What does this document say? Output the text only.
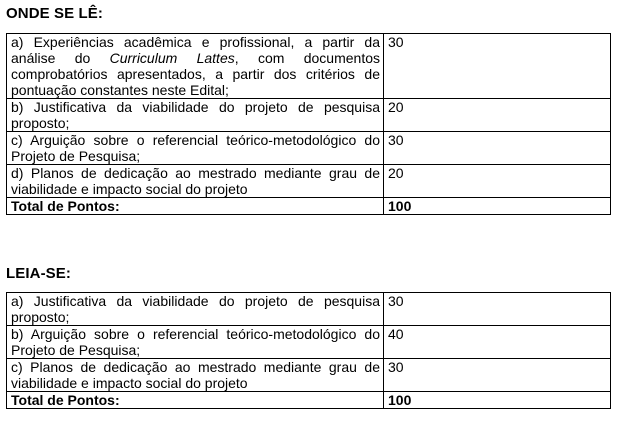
ONDE SE LÊ:
a) Experiências acadêmica e profissional, a partir da análise do Curriculum Lattes, com documentos comprobatórios apresentados, a partir dos critérios de pontuação constantes neste Edital;	30
b) Justificativa da viabilidade do projeto de pesquisa proposto;	20
c) Arguição sobre o referencial teórico-metodológico do Projeto de Pesquisa;	30
d) Planos de dedicação ao mestrado mediante grau de viabilidade e impacto social do projeto	20
Total de Pontos:	100
LEIA-SE:
a) Justificativa da viabilidade do projeto de pesquisa proposto;	30
b) Arguição sobre o referencial teórico-metodológico do Projeto de Pesquisa;	40
c) Planos de dedicação ao mestrado mediante grau de viabilidade e impacto social do projeto	30
Total de Pontos:	100
